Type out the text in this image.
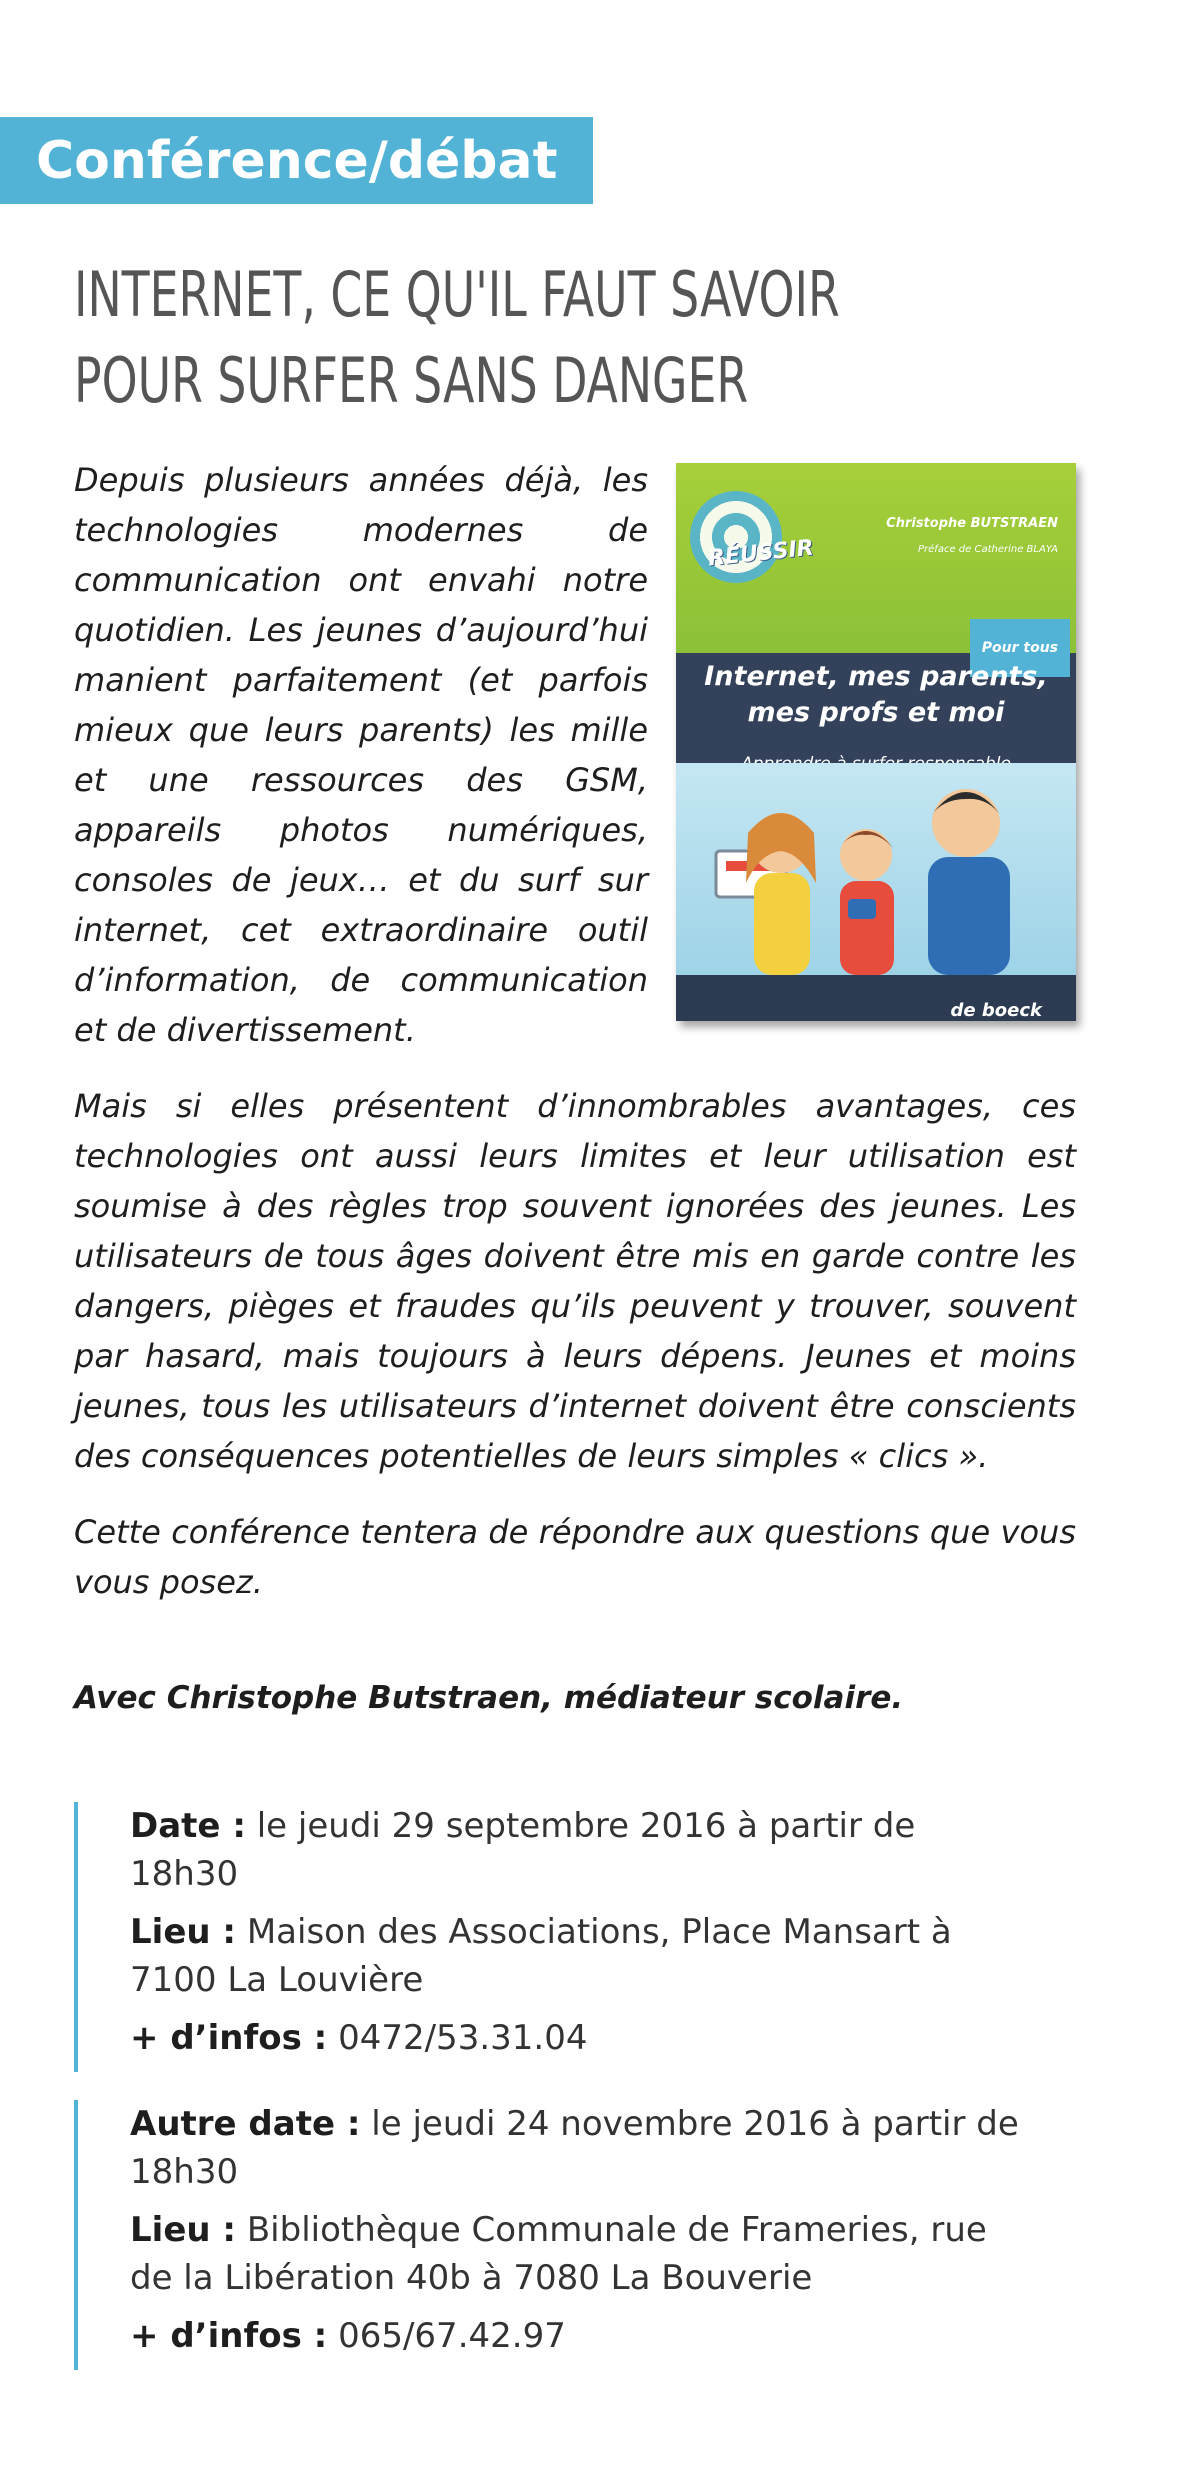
Conférence/débat
INTERNET, CE QU'IL FAUT SAVOIR
POUR SURFER SANS DANGER
RÉUSSIR
Christophe BUTSTRAEN
Préface de Catherine BLAYA
Pour tous
Internet, mes parents,
mes profs et moi
de boeck

Depuis plusieurs années déjà, les technologies modernes de communication ont envahi notre quotidien. Les jeunes d’aujourd’hui manient parfaitement (et parfois mieux que leurs parents) les mille et une ressources des GSM, appareils photos numériques, consoles de jeux… et du surf sur internet, cet extraordinaire outil d’information, de communication et de divertissement.

Mais si elles présentent d’innombrables avantages, ces technologies ont aussi leurs limites et leur utilisation est soumise à des règles trop souvent ignorées des jeunes. Les utilisateurs de tous âges doivent être mis en garde contre les dangers, pièges et fraudes qu’ils peuvent y trouver, souvent par hasard, mais toujours à leurs dépens. Jeunes et moins jeunes, tous les utilisateurs d’internet doivent être conscients des conséquences potentielles de leurs simples « clics ».

Cette conférence tentera de répondre aux questions que vous vous posez.

Avec Christophe Butstraen, médiateur scolaire.
Date : le jeudi 29 septembre 2016 à partir de 18h30
Lieu : Maison des Associations, Place Mansart à 7100 La Louvière
+ d’infos : 0472/53.31.04
Autre date : le jeudi 24 novembre 2016 à partir de 18h30
Lieu : Bibliothèque Communale de Frameries, rue de la Libération 40b à 7080 La Bouverie
+ d’infos : 065/67.42.97
